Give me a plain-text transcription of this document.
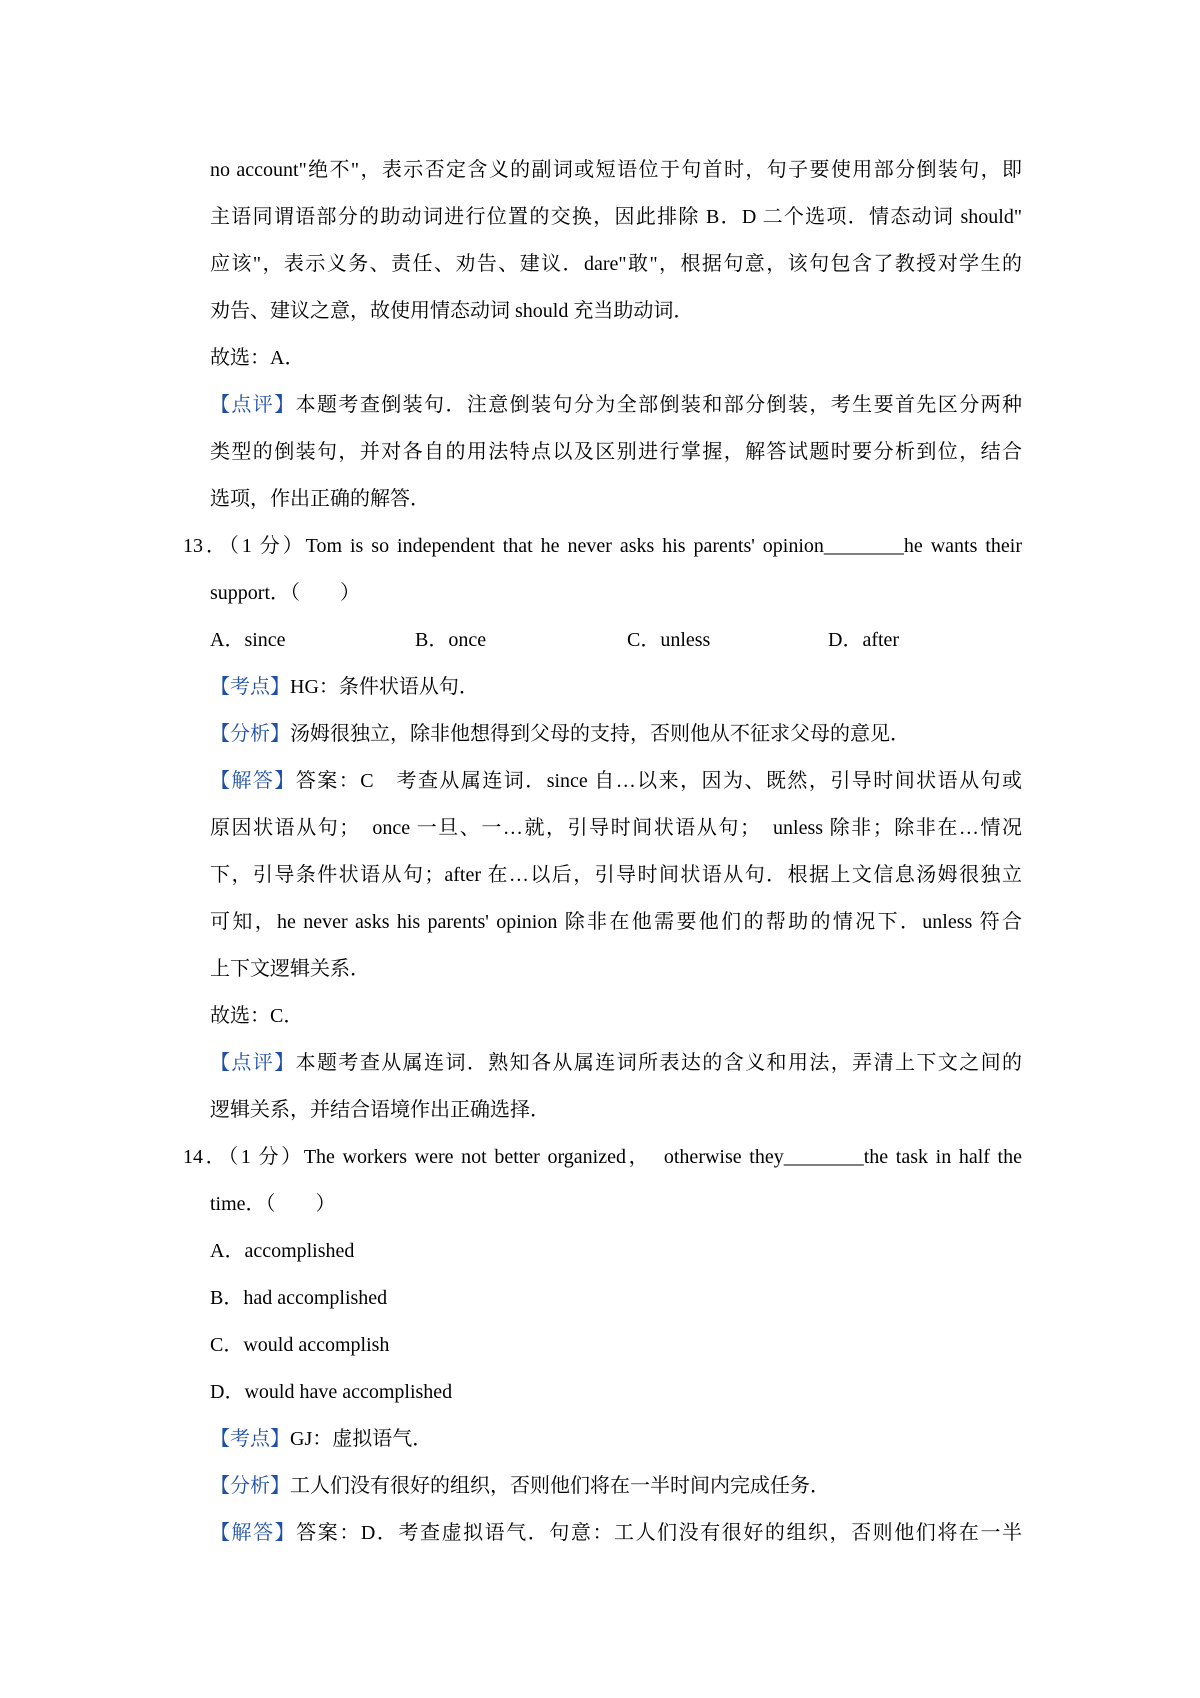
no account"绝不"，表示否定含义的副词或短语位于句首时，句子要使用部分倒装句，即
主语同谓语部分的助动词进行位置的交换，因此排除 B．D 二个选项．情态动词 should"
应该"，表示义务、责任、劝告、建议．dare"敢"，根据句意，该句包含了教授对学生的
劝告、建议之意，故使用情态动词 should 充当助动词．
故选：A．
【点评】本题考查倒装句．注意倒装句分为全部倒装和部分倒装，考生要首先区分两种
类型的倒装句，并对各自的用法特点以及区别进行掌握，解答试题时要分析到位，结合
选项，作出正确的解答．
13．（1 分）Tom is so independent that he never asks his parents' opinion________he wants their
support．（　　）
A．since	B．once	C．unless	D．after
【考点】HG：条件状语从句．
【分析】汤姆很独立，除非他想得到父母的支持，否则他从不征求父母的意见．
【解答】答案：C　考查从属连词．since 自…以来，因为、既然，引导时间状语从句或
原因状语从句；　once 一旦、一…就，引导时间状语从句；　unless 除非；除非在…情况
下，引导条件状语从句；after 在…以后，引导时间状语从句．根据上文信息汤姆很独立
可知，he never asks his parents' opinion 除非在他需要他们的帮助的情况下．unless 符合
上下文逻辑关系．
故选：C．
【点评】本题考查从属连词．熟知各从属连词所表达的含义和用法，弄清上下文之间的
逻辑关系，并结合语境作出正确选择．
14．（1 分）The workers were not better organized，　otherwise they________the task in half the
time．（　　）
A．accomplished
B．had accomplished
C．would accomplish
D．would have accomplished
【考点】GJ：虚拟语气．
【分析】工人们没有很好的组织，否则他们将在一半时间内完成任务．
【解答】答案：D．考查虚拟语气．句意：工人们没有很好的组织，否则他们将在一半
